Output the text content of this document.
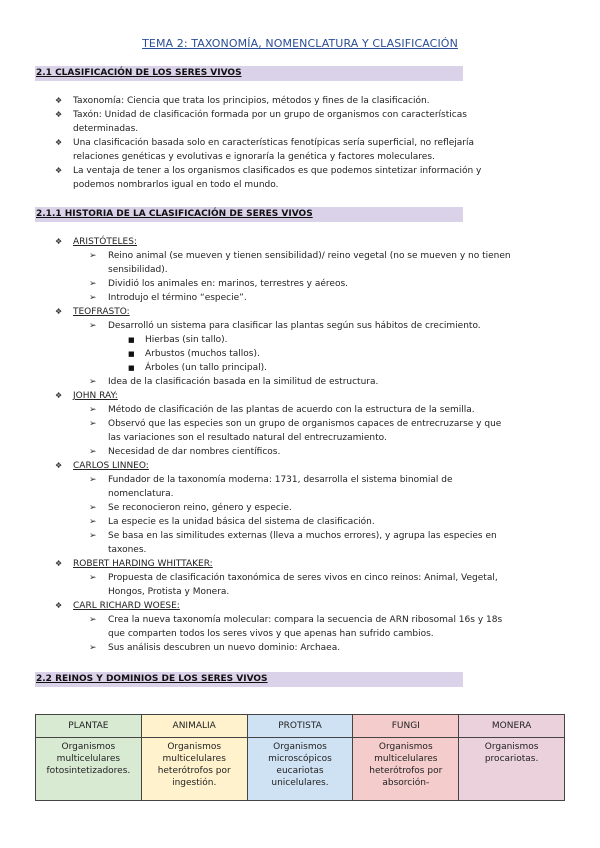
TEMA 2: TAXONOMÍA, NOMENCLATURA Y CLASIFICACIÓN
2.1 CLASIFICACIÓN DE LOS SERES VIVOS
❖ Taxonomía: Ciencia que trata los principios, métodos y fines de la clasificación.
❖ Taxón: Unidad de clasificación formada por un grupo de organismos con características
determinadas.
❖ Una clasificación basada solo en características fenotípicas sería superficial, no reflejaría
relaciones genéticas y evolutivas e ignoraría la genética y factores moleculares.
❖ La ventaja de tener a los organismos clasificados es que podemos sintetizar información y
podemos nombrarlos igual en todo el mundo.
2.1.1 HISTORIA DE LA CLASIFICACIÓN DE SERES VIVOS
❖ ARISTÓTELES:
➢ Reino animal (se mueven y tienen sensibilidad)/ reino vegetal (no se mueven y no tienen
sensibilidad).
➢ Dividió los animales en: marinos, terrestres y aéreos.
➢ Introdujo el término “especie”.
❖ TEOFRASTO:
➢ Desarrolló un sistema para clasificar las plantas según sus hábitos de crecimiento.
■ Hierbas (sin tallo).
■ Arbustos (muchos tallos).
■ Árboles (un tallo principal).
➢ Idea de la clasificación basada en la similitud de estructura.
❖ JOHN RAY:
➢ Método de clasificación de las plantas de acuerdo con la estructura de la semilla.
➢ Observó que las especies son un grupo de organismos capaces de entrecruzarse y que
las variaciones son el resultado natural del entrecruzamiento.
➢ Necesidad de dar nombres científicos.
❖ CARLOS LINNEO:
➢ Fundador de la taxonomía moderna: 1731, desarrolla el sistema binomial de
nomenclatura.
➢ Se reconocieron reino, género y especie.
➢ La especie es la unidad básica del sistema de clasificación.
➢ Se basa en las similitudes externas (lleva a muchos errores), y agrupa las especies en
taxones.
❖ ROBERT HARDING WHITTAKER:
➢ Propuesta de clasificación taxonómica de seres vivos en cinco reinos: Animal, Vegetal,
Hongos, Protista y Monera.
❖ CARL RICHARD WOESE:
➢ Crea la nueva taxonomía molecular: compara la secuencia de ARN ribosomal 16s y 18s
que comparten todos los seres vivos y que apenas han sufrido cambios.
➢ Sus análisis descubren un nuevo dominio: Archaea.
2.2 REINOS Y DOMINIOS DE LOS SERES VIVOS
PLANTAE	ANIMALIA	PROTISTA	FUNGI	MONERA
Organismos multicelulares fotosintetizadores.	Organismos multicelulares heterótrofos por ingestión.	Organismos microscópicos eucariotas unicelulares.	Organismos multicelulares heterótrofos por absorción-	Organismos procariotas.
